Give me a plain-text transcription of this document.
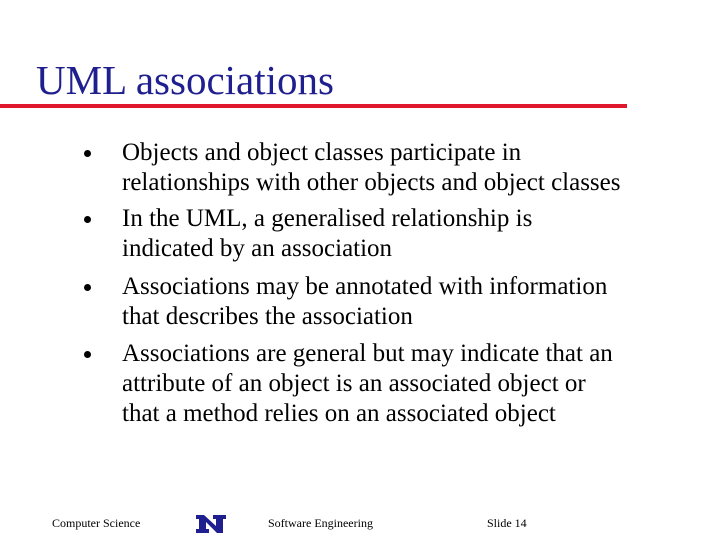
UML associations
Objects and object classes participate in
relationships with other objects and object classes
In the UML, a generalised relationship is
indicated by an association
Associations may be annotated with information
that describes the association
Associations are general but may indicate that an
attribute of an object is an associated object or
that a method relies on an associated object
Computer Science	Software Engineering	Slide 14
